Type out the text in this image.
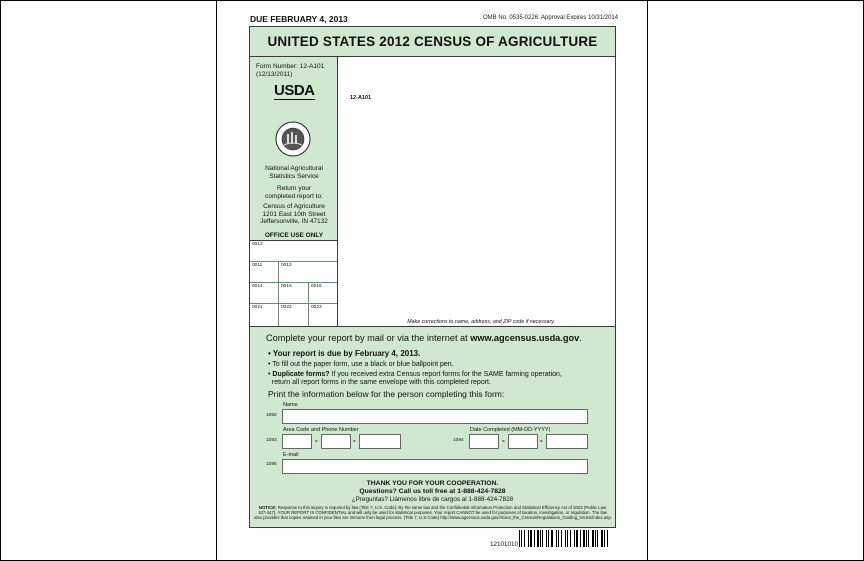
DUE FEBRUARY 4, 2013	OMB No. 0535-0226: Approval Expires 10/31/2014
UNITED STATES 2012 CENSUS OF AGRICULTURE
Form Number: 12-A101
(12/13/2011)
USDA
National Agricultural
Statistics Service
Return your
completed report to:
Census of Agriculture
1201 East 10th Street
Jeffersonville, IN 47132
OFFICE USE ONLY
0013
0011	0012
0014	0015	0016
0021	0022	0023
12-A101
Make corrections to name, address, and ZIP code if necessary.
Complete your report by mail or via the internet at www.agcensus.usda.gov.
• Your report is due by February 4, 2013.
• To fill out the paper form, use a black or blue ballpoint pen.
• Duplicate forms? If you received extra Census report forms for the SAME farming operation,
return all report forms in the same envelope with this completed report.
Print the information below for the person completing this form:
Name
1092
Area Code and Phone Number
1093	-	-
Date Completed (MM-DD-YYYY)
1094	-	-
E-mail
1095
THANK YOU FOR YOUR COOPERATION.
Questions? Call us toll free at 1-888-424-7828
¿Preguntas? Llámenos libre de cargos al 1-888-424-7828
NOTICE: Response to this inquiry is required by law (Title 7, U.S. Code). By the same law and the Confidential Information Protection and Statistical Efficiency Act of 2002 (Public Law 107-347), YOUR REPORT IS CONFIDENTIAL and will only be used for statistical purposes. Your report CANNOT be used for purposes of taxation, investigation, or regulation. The law also provides that copies retained in your files are immune from legal process. (Title 7, U.S.Code) http://www.agcensus.usda.gov/About_the_Census/Regulations_Guiding_NASS/index.asp
12101010
